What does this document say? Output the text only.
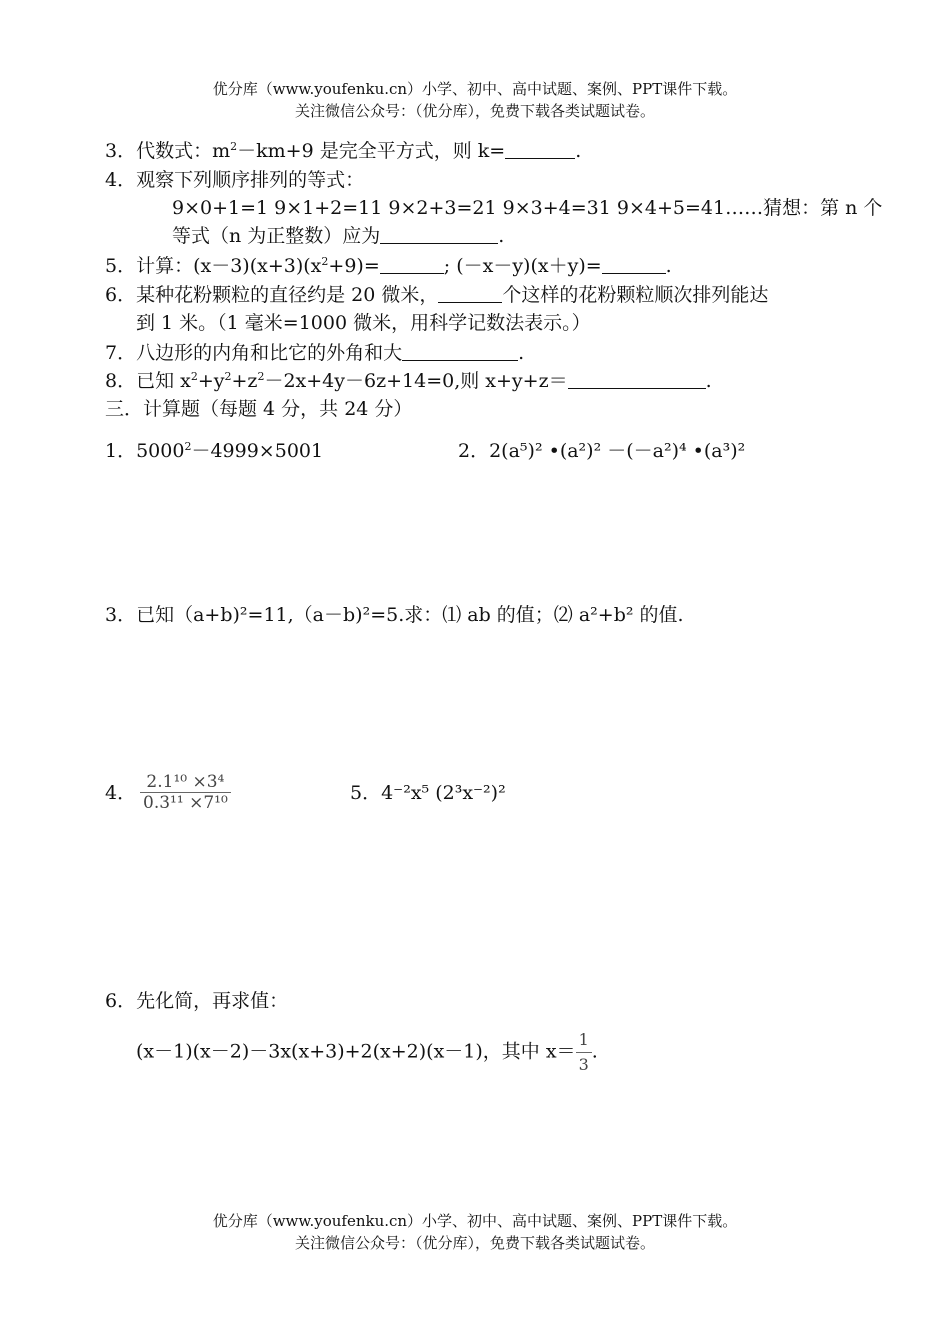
优分库（www.youfenku.cn）小学、初中、高中试题、案例、PPT课件下载。
关注微信公众号：（优分库），免费下载各类试题试卷。
3．代数式：$m^2-km+9$ 是完全平方式，则 k=	.
4．观察下列顺序排列的等式：
9×0+1=1 9×1+2=11 9×2+3=21 9×3+4=31 9×4+5=41……猜想：第 n 个
等式（n 为正整数）应为	.
5．计算：$(x-3)(x+3)(x^2+9)=$	; (－x－y)(x＋y)=	.
6．某种花粉颗粒的直径约是 20 微米，	个这样的花粉颗粒顺次排列能达
到 1 米。（1 毫米=1000 微米，用科学记数法表示。）
7．八边形的内角和比它的外角和大	.
8．已知 $x^2+y^2+z^2-2x+4y-6z+14=0$,则 x+y+z＝	.
三．计算题（每题 4 分，共 24 分）
1．$5000^2-4999\times 5001$	2．2(a⁵)² •(a²)² －(－a²)⁴ •(a³)²
3．已知（a+b)²=11,（a－b)²=5.求：⑴ ab 的值；⑵ a²+b² 的值.
4． $\frac{\text{2.1¹⁰ ×3⁴}}{\text{0.3¹¹ ×7¹⁰}}$	5．4⁻²x⁵ (2³x⁻²)²
6．先化简，再求值：
(x－1)(x－2)－3x(x+3)+2(x+2)(x－1)，其中 $x= \frac{1}{3}$ .
优分库（www.youfenku.cn）小学、初中、高中试题、案例、PPT课件下载。
关注微信公众号：（优分库），免费下载各类试题试卷。
